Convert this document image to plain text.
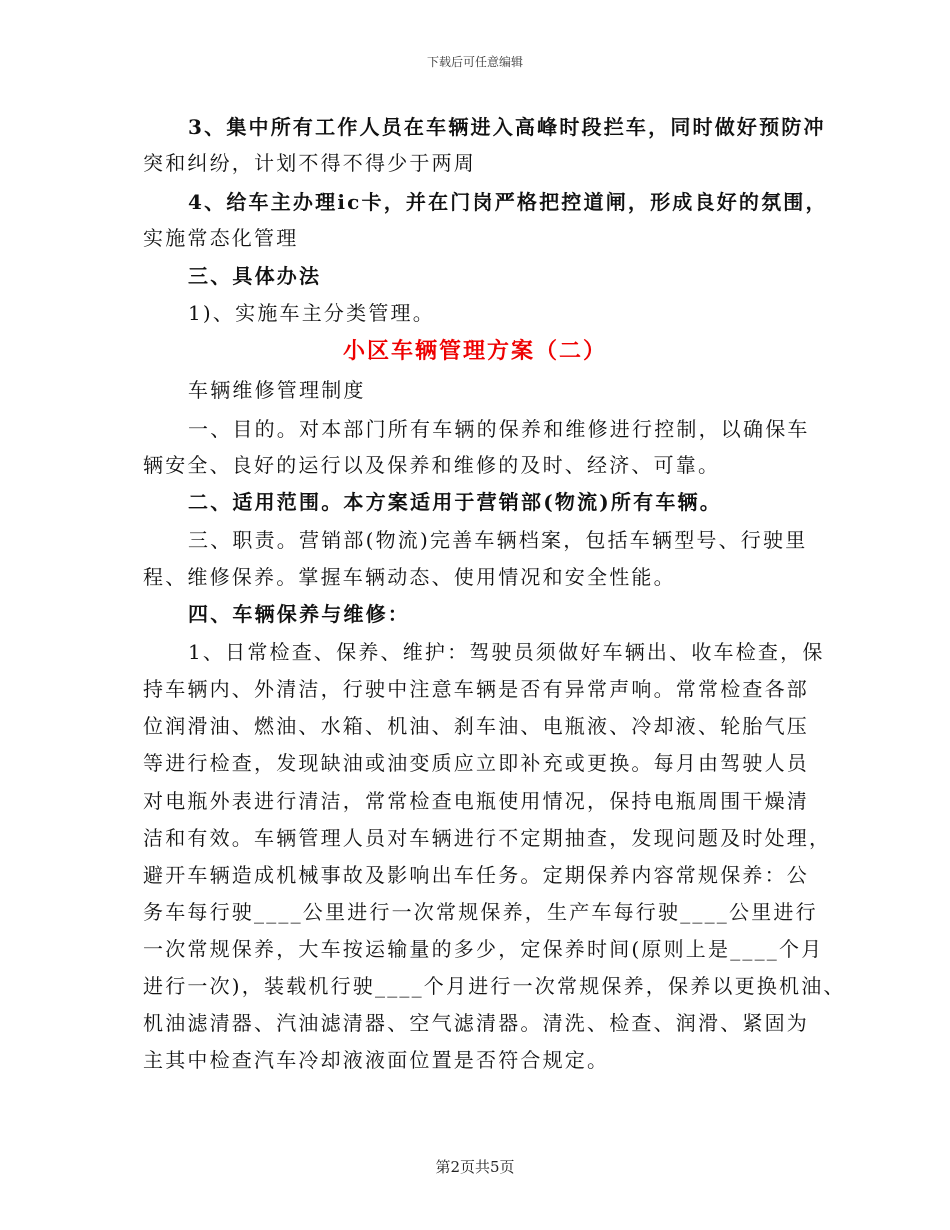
下载后可任意编辑
3、集中所有工作人员在车辆进入高峰时段拦车，同时做好预防冲
突和纠纷，计划不得不得少于两周
4、给车主办理ic卡，并在门岗严格把控道闸，形成良好的氛围，
实施常态化管理
三、具体办法
1)、实施车主分类管理。
小区车辆管理方案（二）
车辆维修管理制度
一、目的。对本部门所有车辆的保养和维修进行控制，以确保车
辆安全、良好的运行以及保养和维修的及时、经济、可靠。
二、适用范围。本方案适用于营销部(物流)所有车辆。
三、职责。营销部(物流)完善车辆档案，包括车辆型号、行驶里
程、维修保养。掌握车辆动态、使用情况和安全性能。
四、车辆保养与维修：
1、日常检查、保养、维护：驾驶员须做好车辆出、收车检查，保
持车辆内、外清洁，行驶中注意车辆是否有异常声响。常常检查各部
位润滑油、燃油、水箱、机油、刹车油、电瓶液、冷却液、轮胎气压
等进行检查，发现缺油或油变质应立即补充或更换。每月由驾驶人员
对电瓶外表进行清洁，常常检查电瓶使用情况，保持电瓶周围干燥清
洁和有效。车辆管理人员对车辆进行不定期抽查，发现问题及时处理，
避开车辆造成机械事故及影响出车任务。定期保养内容常规保养：公
务车每行驶____公里进行一次常规保养，生产车每行驶____公里进行
一次常规保养，大车按运输量的多少，定保养时间(原则上是____个月
进行一次)，装载机行驶____个月进行一次常规保养，保养以更换机油、
机油滤清器、汽油滤清器、空气滤清器。清洗、检查、润滑、紧固为
主其中检查汽车冷却液液面位置是否符合规定。
第2页共5页
